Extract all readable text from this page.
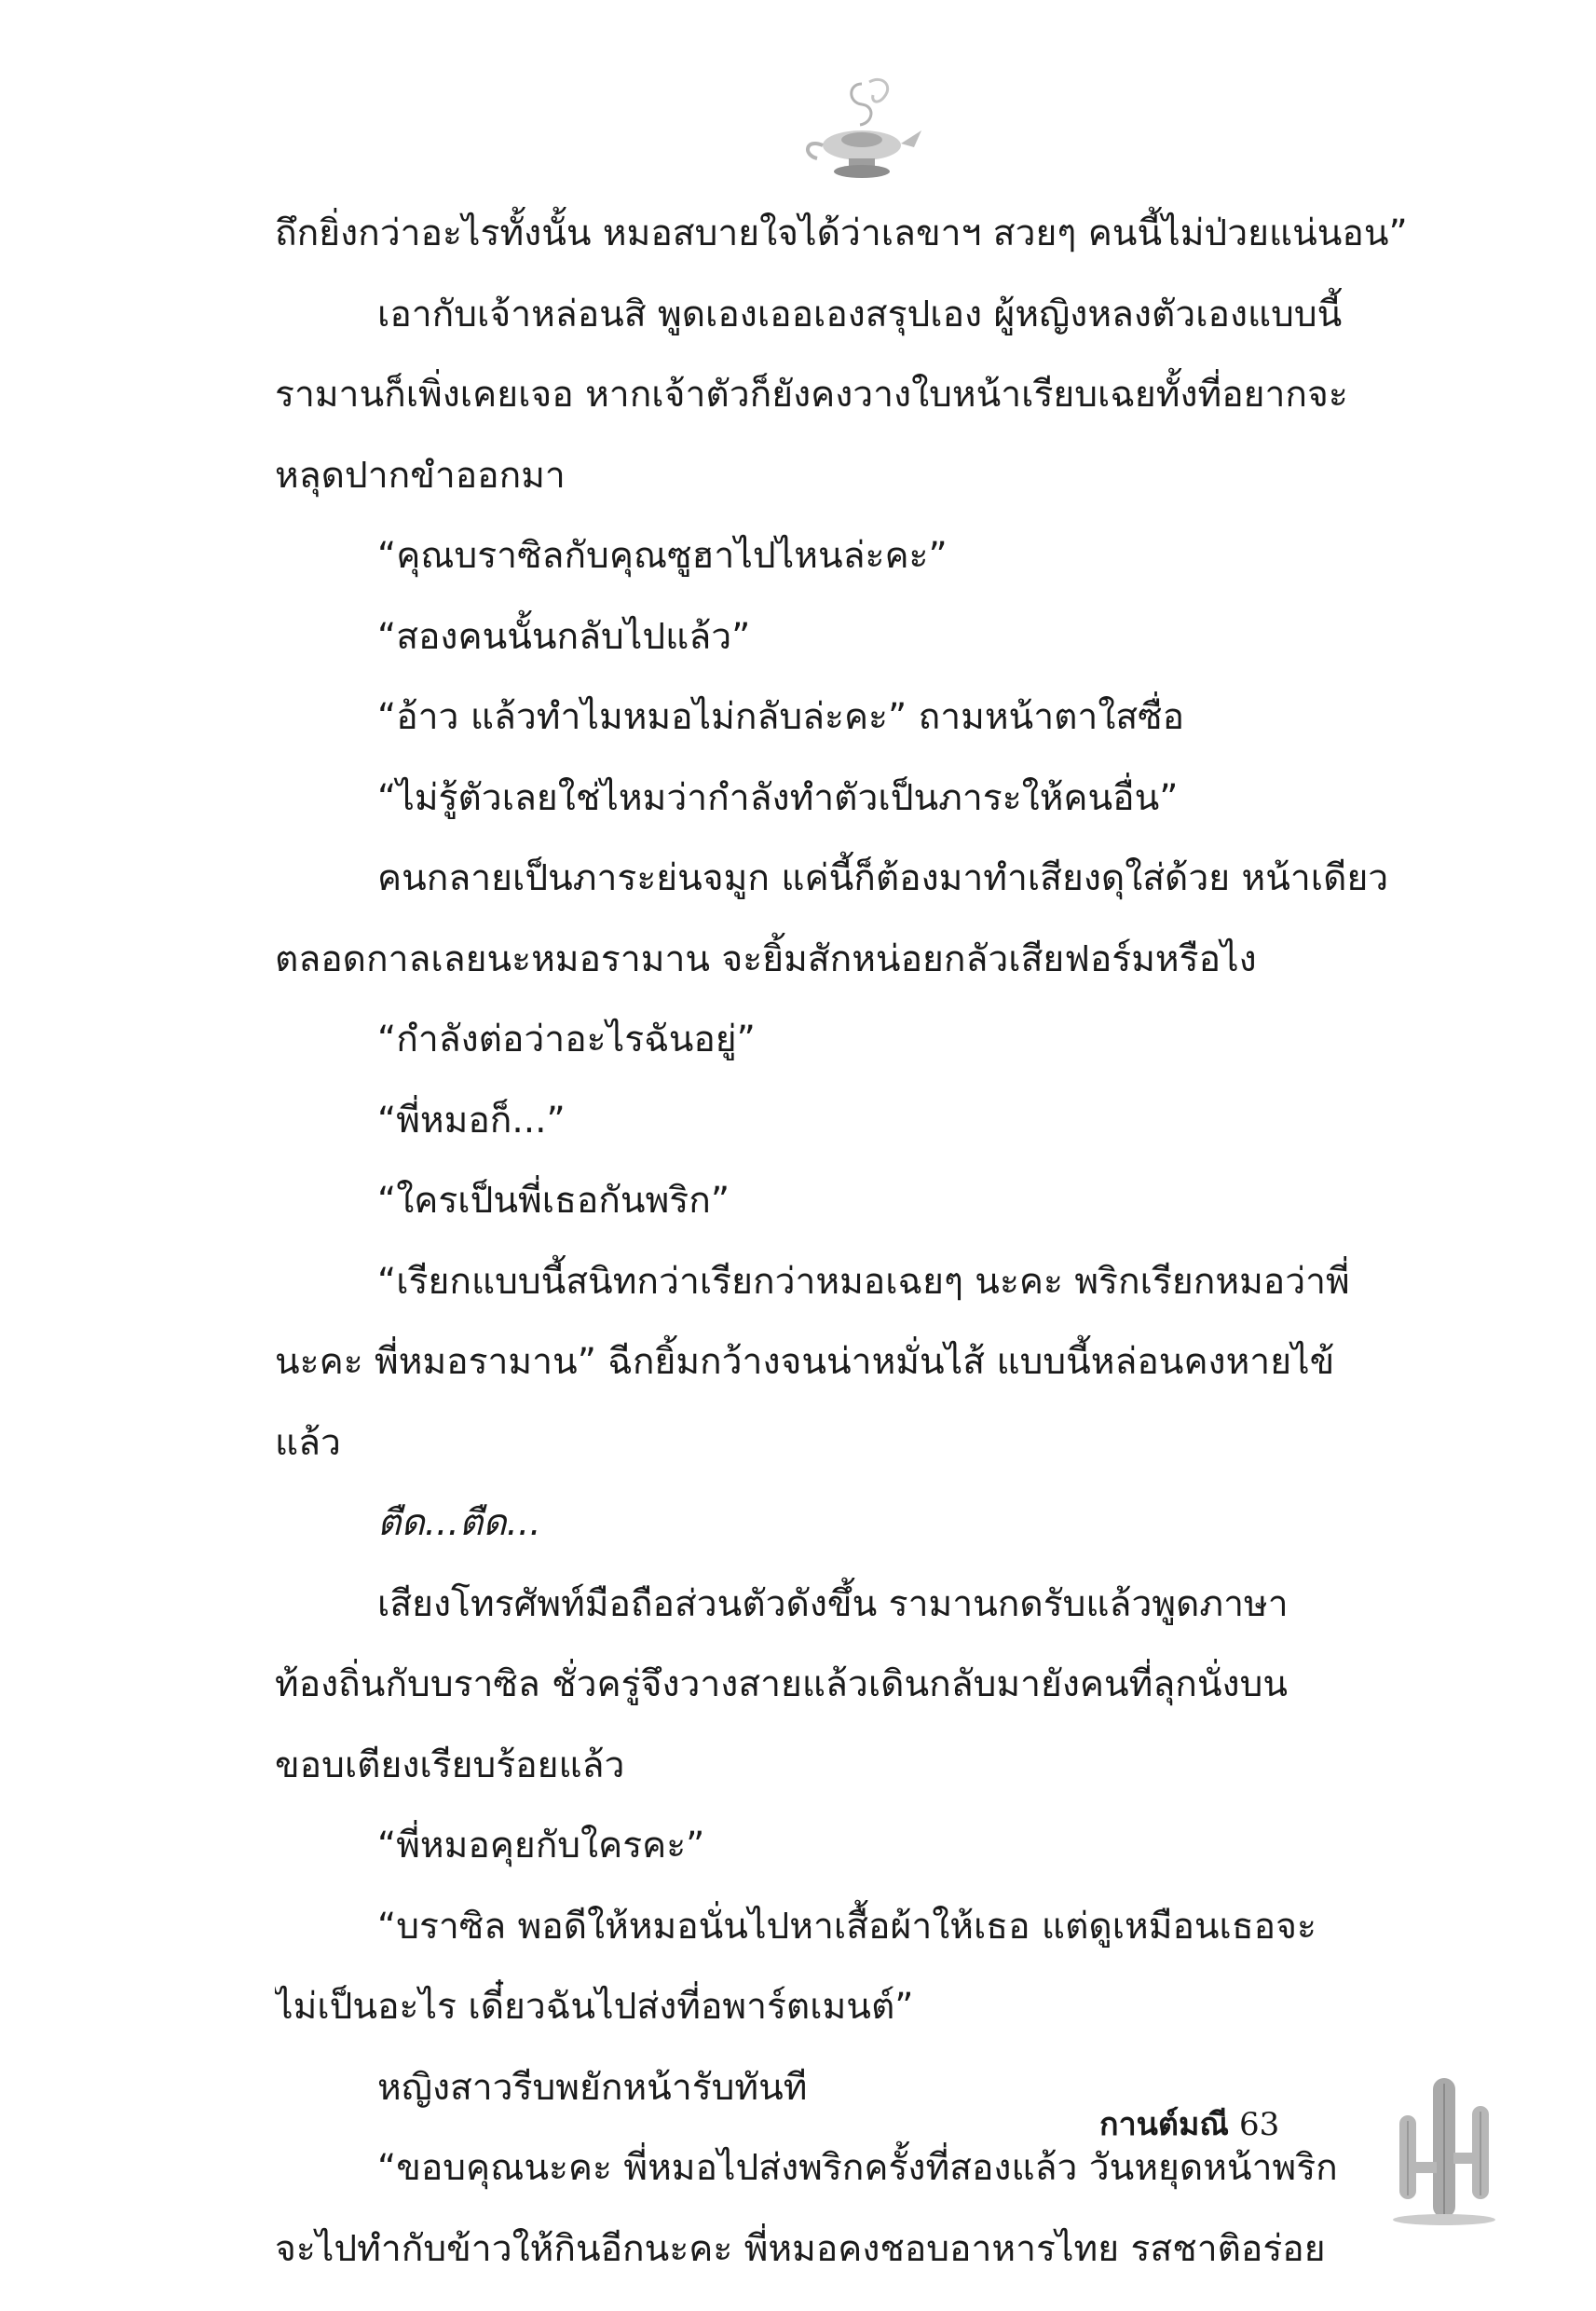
ถึกยิ่งกว่าอะไรทั้งนั้น หมอสบายใจได้ว่าเลขาฯ สวยๆ คนนี้ไม่ป่วยแน่นอน”

เอากับเจ้าหล่อนสิ พูดเองเออเองสรุปเอง ผู้หญิงหลงตัวเองแบบนี้

รามานก็เพิ่งเคยเจอ หากเจ้าตัวก็ยังคงวางใบหน้าเรียบเฉยทั้งที่อยากจะ

หลุดปากขำออกมา

“คุณบราซิลกับคุณซูฮาไปไหนล่ะคะ”

“สองคนนั้นกลับไปแล้ว”

“อ้าว แล้วทำไมหมอไม่กลับล่ะคะ” ถามหน้าตาใสซื่อ

“ไม่รู้ตัวเลยใช่ไหมว่ากำลังทำตัวเป็นภาระให้คนอื่น”

คนกลายเป็นภาระย่นจมูก แค่นี้ก็ต้องมาทำเสียงดุใส่ด้วย หน้าเดียว

ตลอดกาลเลยนะหมอรามาน จะยิ้มสักหน่อยกลัวเสียฟอร์มหรือไง

“กำลังต่อว่าอะไรฉันอยู่”

“พี่หมอก็...”

“ใครเป็นพี่เธอกันพริก”

“เรียกแบบนี้สนิทกว่าเรียกว่าหมอเฉยๆ นะคะ พริกเรียกหมอว่าพี่

นะคะ พี่หมอรามาน” ฉีกยิ้มกว้างจนน่าหมั่นไส้ แบบนี้หล่อนคงหายไข้

แล้ว

ตืด...ตืด...

เสียงโทรศัพท์มือถือส่วนตัวดังขึ้น รามานกดรับแล้วพูดภาษา

ท้องถิ่นกับบราซิล ชั่วครู่จึงวางสายแล้วเดินกลับมายังคนที่ลุกนั่งบน

ขอบเตียงเรียบร้อยแล้ว

“พี่หมอคุยกับใครคะ”

“บราซิล พอดีให้หมอนั่นไปหาเสื้อผ้าให้เธอ แต่ดูเหมือนเธอจะ

ไม่เป็นอะไร เดี๋ยวฉันไปส่งที่อพาร์ตเมนต์”

หญิงสาวรีบพยักหน้ารับทันที

“ขอบคุณนะคะ พี่หมอไปส่งพริกครั้งที่สองแล้ว วันหยุดหน้าพริก

จะไปทำกับข้าวให้กินอีกนะคะ พี่หมอคงชอบอาหารไทย รสชาติอร่อย

กานต์มณี 63
